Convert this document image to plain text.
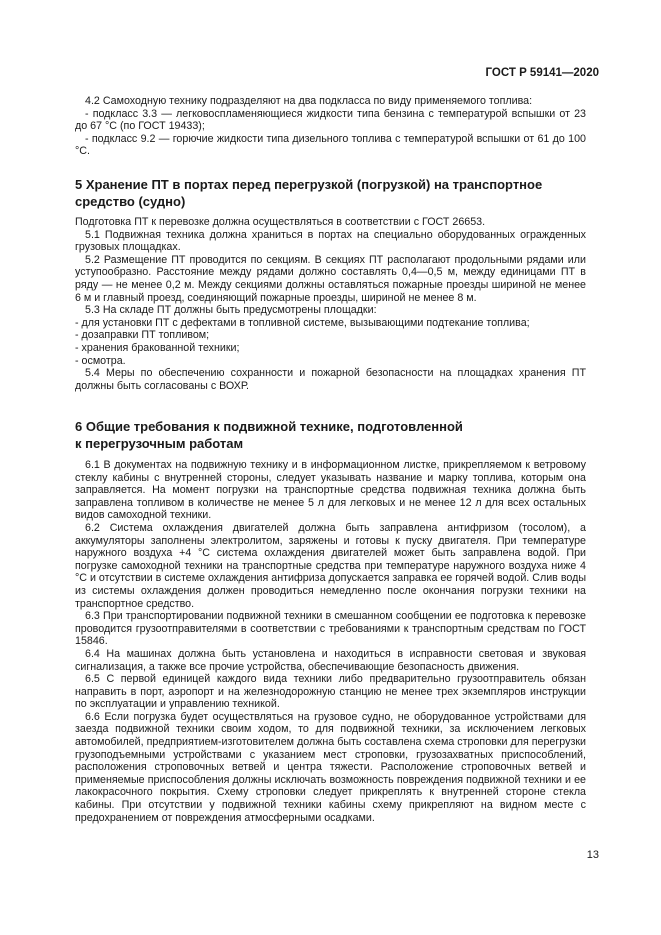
ГОСТ Р 59141—2020

4.2 Самоходную технику подразделяют на два подкласса по виду применяемого топлива:

- подкласс 3.3 — легковоспламеняющиеся жидкости типа бензина с температурой вспышки от 23 до 67 °С (по ГОСТ 19433);

- подкласс 9.2 — горючие жидкости типа дизельного топлива с температурой вспышки от 61 до 100 °С.

5 Хранение ПТ в портах перед перегрузкой (погрузкой) на транспортное средство (судно)

Подготовка ПТ к перевозке должна осуществляться в соответствии с ГОСТ 26653.

5.1 Подвижная техника должна храниться в портах на специально оборудованных огражденных грузовых площадках.

5.2 Размещение ПТ проводится по секциям. В секциях ПТ располагают продольными рядами или уступообразно. Расстояние между рядами должно составлять 0,4—0,5 м, между единицами ПТ в ряду — не менее 0,2 м. Между секциями должны оставляться пожарные проезды шириной не менее 6 м и главный проезд, соединяющий пожарные проезды, шириной не менее 8 м.

5.3 На складе ПТ должны быть предусмотрены площадки:

- для установки ПТ с дефектами в топливной системе, вызывающими подтекание топлива;

- дозаправки ПТ топливом;

- хранения бракованной техники;

- осмотра.

5.4 Меры по обеспечению сохранности и пожарной безопасности на площадках хранения ПТ должны быть согласованы с ВОХР.

6 Общие требования к подвижной технике, подготовленной
к перегрузочным работам

6.1 В документах на подвижную технику и в информационном листке, прикрепляемом к ветровому стеклу кабины с внутренней стороны, следует указывать название и марку топлива, которым она заправляется. На момент погрузки на транспортные средства подвижная техника должна быть заправлена топливом в количестве не менее 5 л для легковых и не менее 12 л для всех остальных видов самоходной техники.

6.2 Система охлаждения двигателей должна быть заправлена антифризом (тосолом), а аккумуляторы заполнены электролитом, заряжены и готовы к пуску двигателя. При температуре наружного воздуха +4 °С система охлаждения двигателей может быть заправлена водой. При погрузке самоходной техники на транспортные средства при температуре наружного воздуха ниже 4 °С и отсутствии в системе охлаждения антифриза допускается заправка ее горячей водой. Слив воды из системы охлаждения должен проводиться немедленно после окончания погрузки техники на транспортное средство.

6.3 При транспортировании подвижной техники в смешанном сообщении ее подготовка к перевозке проводится грузоотправителями в соответствии с требованиями к транспортным средствам по ГОСТ 15846.

6.4 На машинах должна быть установлена и находиться в исправности световая и звуковая сигнализация, а также все прочие устройства, обеспечивающие безопасность движения.

6.5 С первой единицей каждого вида техники либо предварительно грузоотправитель обязан направить в порт, аэропорт и на железнодорожную станцию не менее трех экземпляров инструкции по эксплуатации и управлению техникой.

6.6 Если погрузка будет осуществляться на грузовое судно, не оборудованное устройствами для заезда подвижной техники своим ходом, то для подвижной техники, за исключением легковых автомобилей, предприятием-изготовителем должна быть составлена схема строповки для перегрузки грузоподъемными устройствами с указанием мест строповки, грузозахватных приспособлений, расположения строповочных ветвей и центра тяжести. Расположение строповочных ветвей и применяемые приспособления должны исключать возможность повреждения подвижной техники и ее лакокрасочного покрытия. Схему строповки следует прикреплять к внутренней стороне стекла кабины. При отсутствии у подвижной техники кабины схему прикрепляют на видном месте с предохранением от повреждения атмосферными осадками.

13
